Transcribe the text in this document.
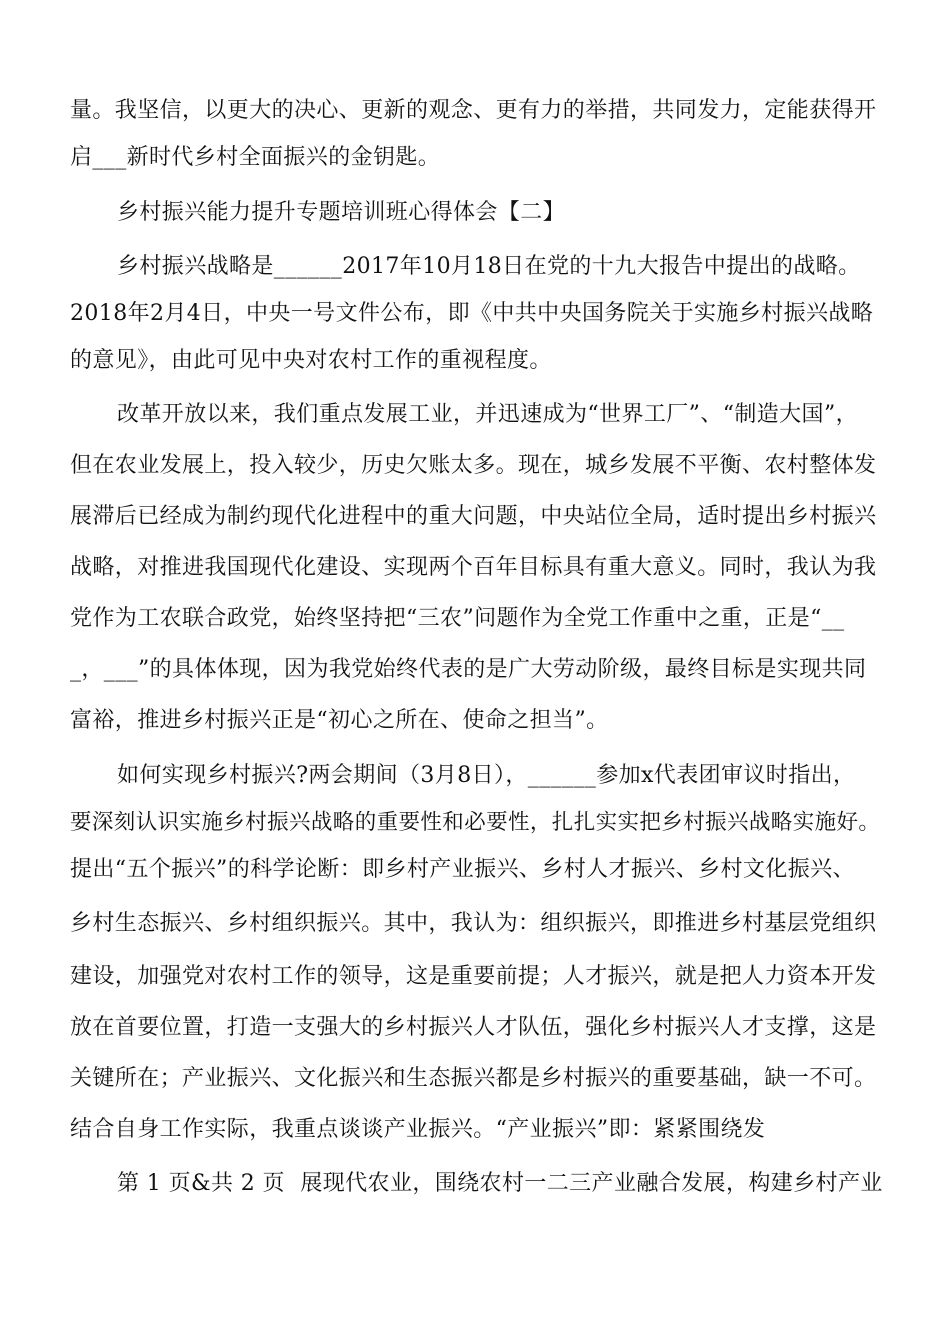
量。我坚信，以更大的决心、更新的观念、更有力的举措，共同发力，定能获得开
启___新时代乡村全面振兴的金钥匙。
乡村振兴能力提升专题培训班心得体会【二】
乡村振兴战略是______2017年10月18日在党的十九大报告中提出的战略。
2018年2月4日，中央一号文件公布，即《中共中央国务院关于实施乡村振兴战略
的意见》，由此可见中央对农村工作的重视程度。
改革开放以来，我们重点发展工业，并迅速成为“世界工厂”、“制造大国”，
但在农业发展上，投入较少，历史欠账太多。现在，城乡发展不平衡、农村整体发
展滞后已经成为制约现代化进程中的重大问题，中央站位全局，适时提出乡村振兴
战略，对推进我国现代化建设、实现两个百年目标具有重大意义。同时，我认为我
党作为工农联合政党，始终坚持把“三农”问题作为全党工作重中之重，正是“__
_，___”的具体体现，因为我党始终代表的是广大劳动阶级，最终目标是实现共同
富裕，推进乡村振兴正是“初心之所在、使命之担当”。
如何实现乡村振兴?两会期间（3月8日），______参加x代表团审议时指出，
要深刻认识实施乡村振兴战略的重要性和必要性，扎扎实实把乡村振兴战略实施好。
提出“五个振兴”的科学论断：即乡村产业振兴、乡村人才振兴、乡村文化振兴、
乡村生态振兴、乡村组织振兴。其中，我认为：组织振兴，即推进乡村基层党组织
建设，加强党对农村工作的领导，这是重要前提；人才振兴，就是把人力资本开发
放在首要位置，打造一支强大的乡村振兴人才队伍，强化乡村振兴人才支撑，这是
关键所在；产业振兴、文化振兴和生态振兴都是乡村振兴的重要基础，缺一不可。
结合自身工作实际，我重点谈谈产业振兴。“产业振兴”即：紧紧围绕发
第 1 页&共 2 页 展现代农业，围绕农村一二三产业融合发展，构建乡村产业
